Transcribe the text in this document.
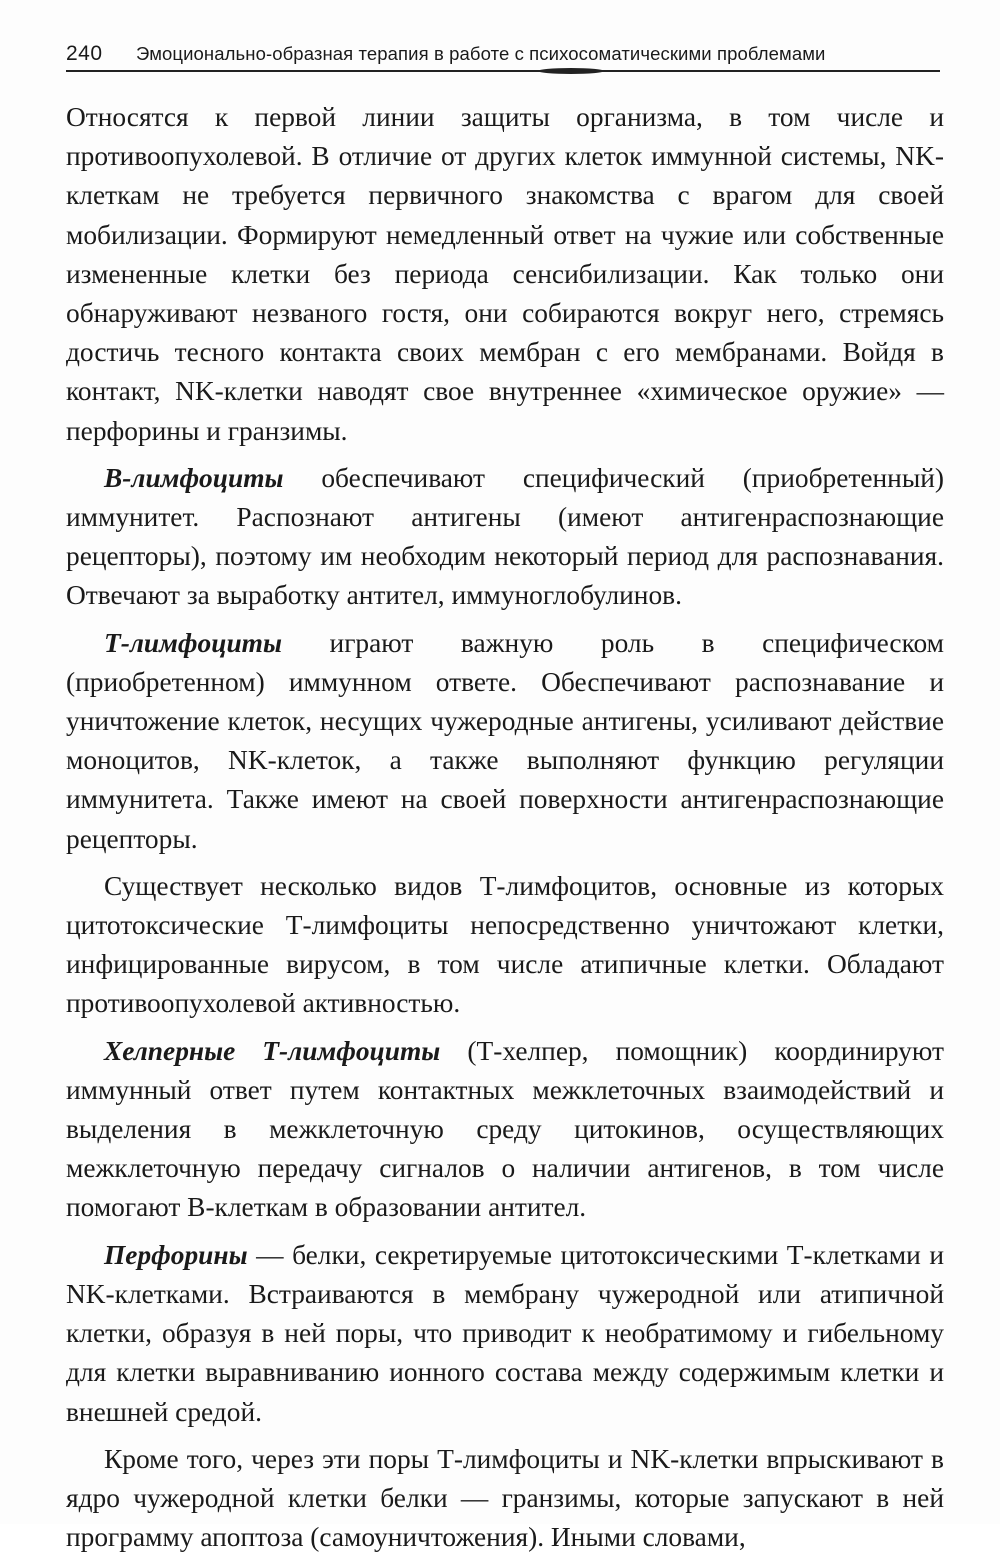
240 Эмоционально-образная терапия в работе с психосоматическими проблемами

Относятся к первой линии защиты организма, в том числе и противоопухолевой. В отличие от других клеток иммунной системы, NK-клеткам не требуется первичного знакомства с врагом для своей мобилизации. Формируют немедленный ответ на чужие или собственные измененные клетки без периода сенсибилизации. Как только они обнаруживают незваного гостя, они собираются вокруг него, стремясь достичь тесного контакта своих мембран с его мембранами. Войдя в контакт, NK-клетки наводят свое внутреннее «химическое оружие» — перфорины и гранзимы.

В-лимфоциты обеспечивают специфический (приобретенный) иммунитет. Распознают антигены (имеют антигенраспознающие рецепторы), поэтому им необходим некоторый период для распознавания. Отвечают за выработку антител, иммуноглобулинов.

Т-лимфоциты играют важную роль в специфическом (приобретенном) иммунном ответе. Обеспечивают распознавание и уничтожение клеток, несущих чужеродные антигены, усиливают действие моноцитов, NK-клеток, а также выполняют функцию регуляции иммунитета. Также имеют на своей поверхности антигенраспознающие рецепторы.

Существует несколько видов Т-лимфоцитов, основные из которых цитотоксические Т-лимфоциты непосредственно уничтожают клетки, инфицированные вирусом, в том числе атипичные клетки. Обладают противоопухолевой активностью.

Хелперные Т-лимфоциты (Т-хелпер, помощник) координируют иммунный ответ путем контактных межклеточных взаимодействий и выделения в межклеточную среду цитокинов, осуществляющих межклеточную передачу сигналов о наличии антигенов, в том числе помогают В-клеткам в образовании антител.

Перфорины — белки, секретируемые цитотоксическими Т-клетками и NK-клетками. Встраиваются в мембрану чужеродной или атипичной клетки, образуя в ней поры, что приводит к необратимому и гибельному для клетки выравниванию ионного состава между содержимым клетки и внешней средой.

Кроме того, через эти поры Т-лимфоциты и NK-клетки впрыскивают в ядро чужеродной клетки белки — гранзимы, которые запускают в ней программу апоптоза (самоуничтожения). Иными словами,
